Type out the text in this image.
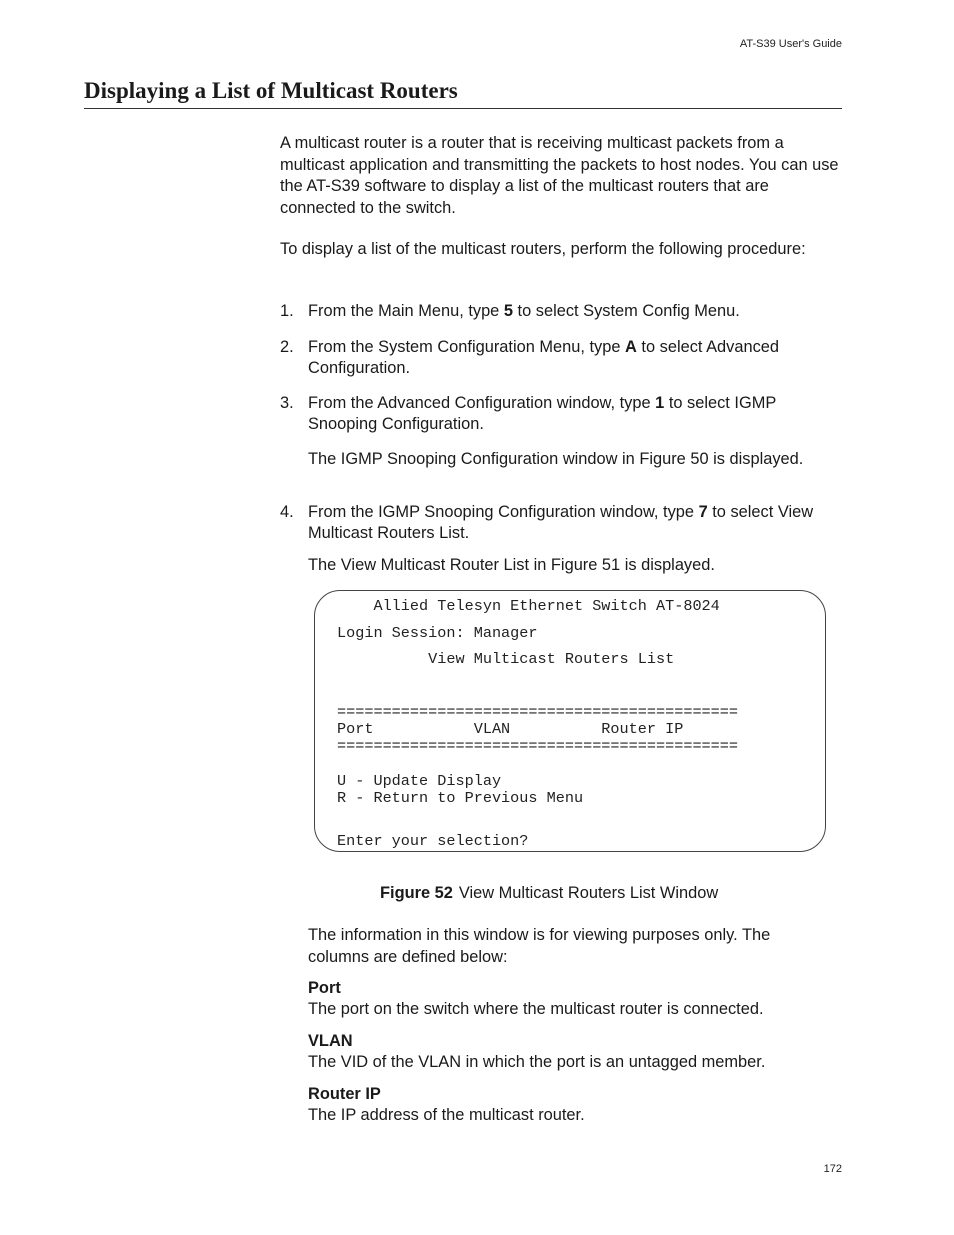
AT-S39 User's Guide
Displaying a List of Multicast Routers
A multicast router is a router that is receiving multicast packets from a multicast application and transmitting the packets to host nodes. You can use the AT-S39 software to display a list of the multicast routers that are connected to the switch.
To display a list of the multicast routers, perform the following procedure:
1. From the Main Menu, type 5 to select System Config Menu.
2. From the System Configuration Menu, type A to select Advanced Configuration.
3. From the Advanced Configuration window, type 1 to select IGMP Snooping Configuration.
The IGMP Snooping Configuration window in Figure 50 is displayed.
4. From the IGMP Snooping Configuration window, type 7 to select View Multicast Routers List.
The View Multicast Router List in Figure 51 is displayed.
Allied Telesyn Ethernet Switch AT-8024
Login Session: Manager
View Multicast Routers List
============================================
Port           VLAN          Router IP
============================================
U - Update Display
R - Return to Previous Menu
Enter your selection?
Figure 52 View Multicast Routers List Window
The information in this window is for viewing purposes only. The columns are defined below:
Port
The port on the switch where the multicast router is connected.
VLAN
The VID of the VLAN in which the port is an untagged member.
Router IP
The IP address of the multicast router.
172
